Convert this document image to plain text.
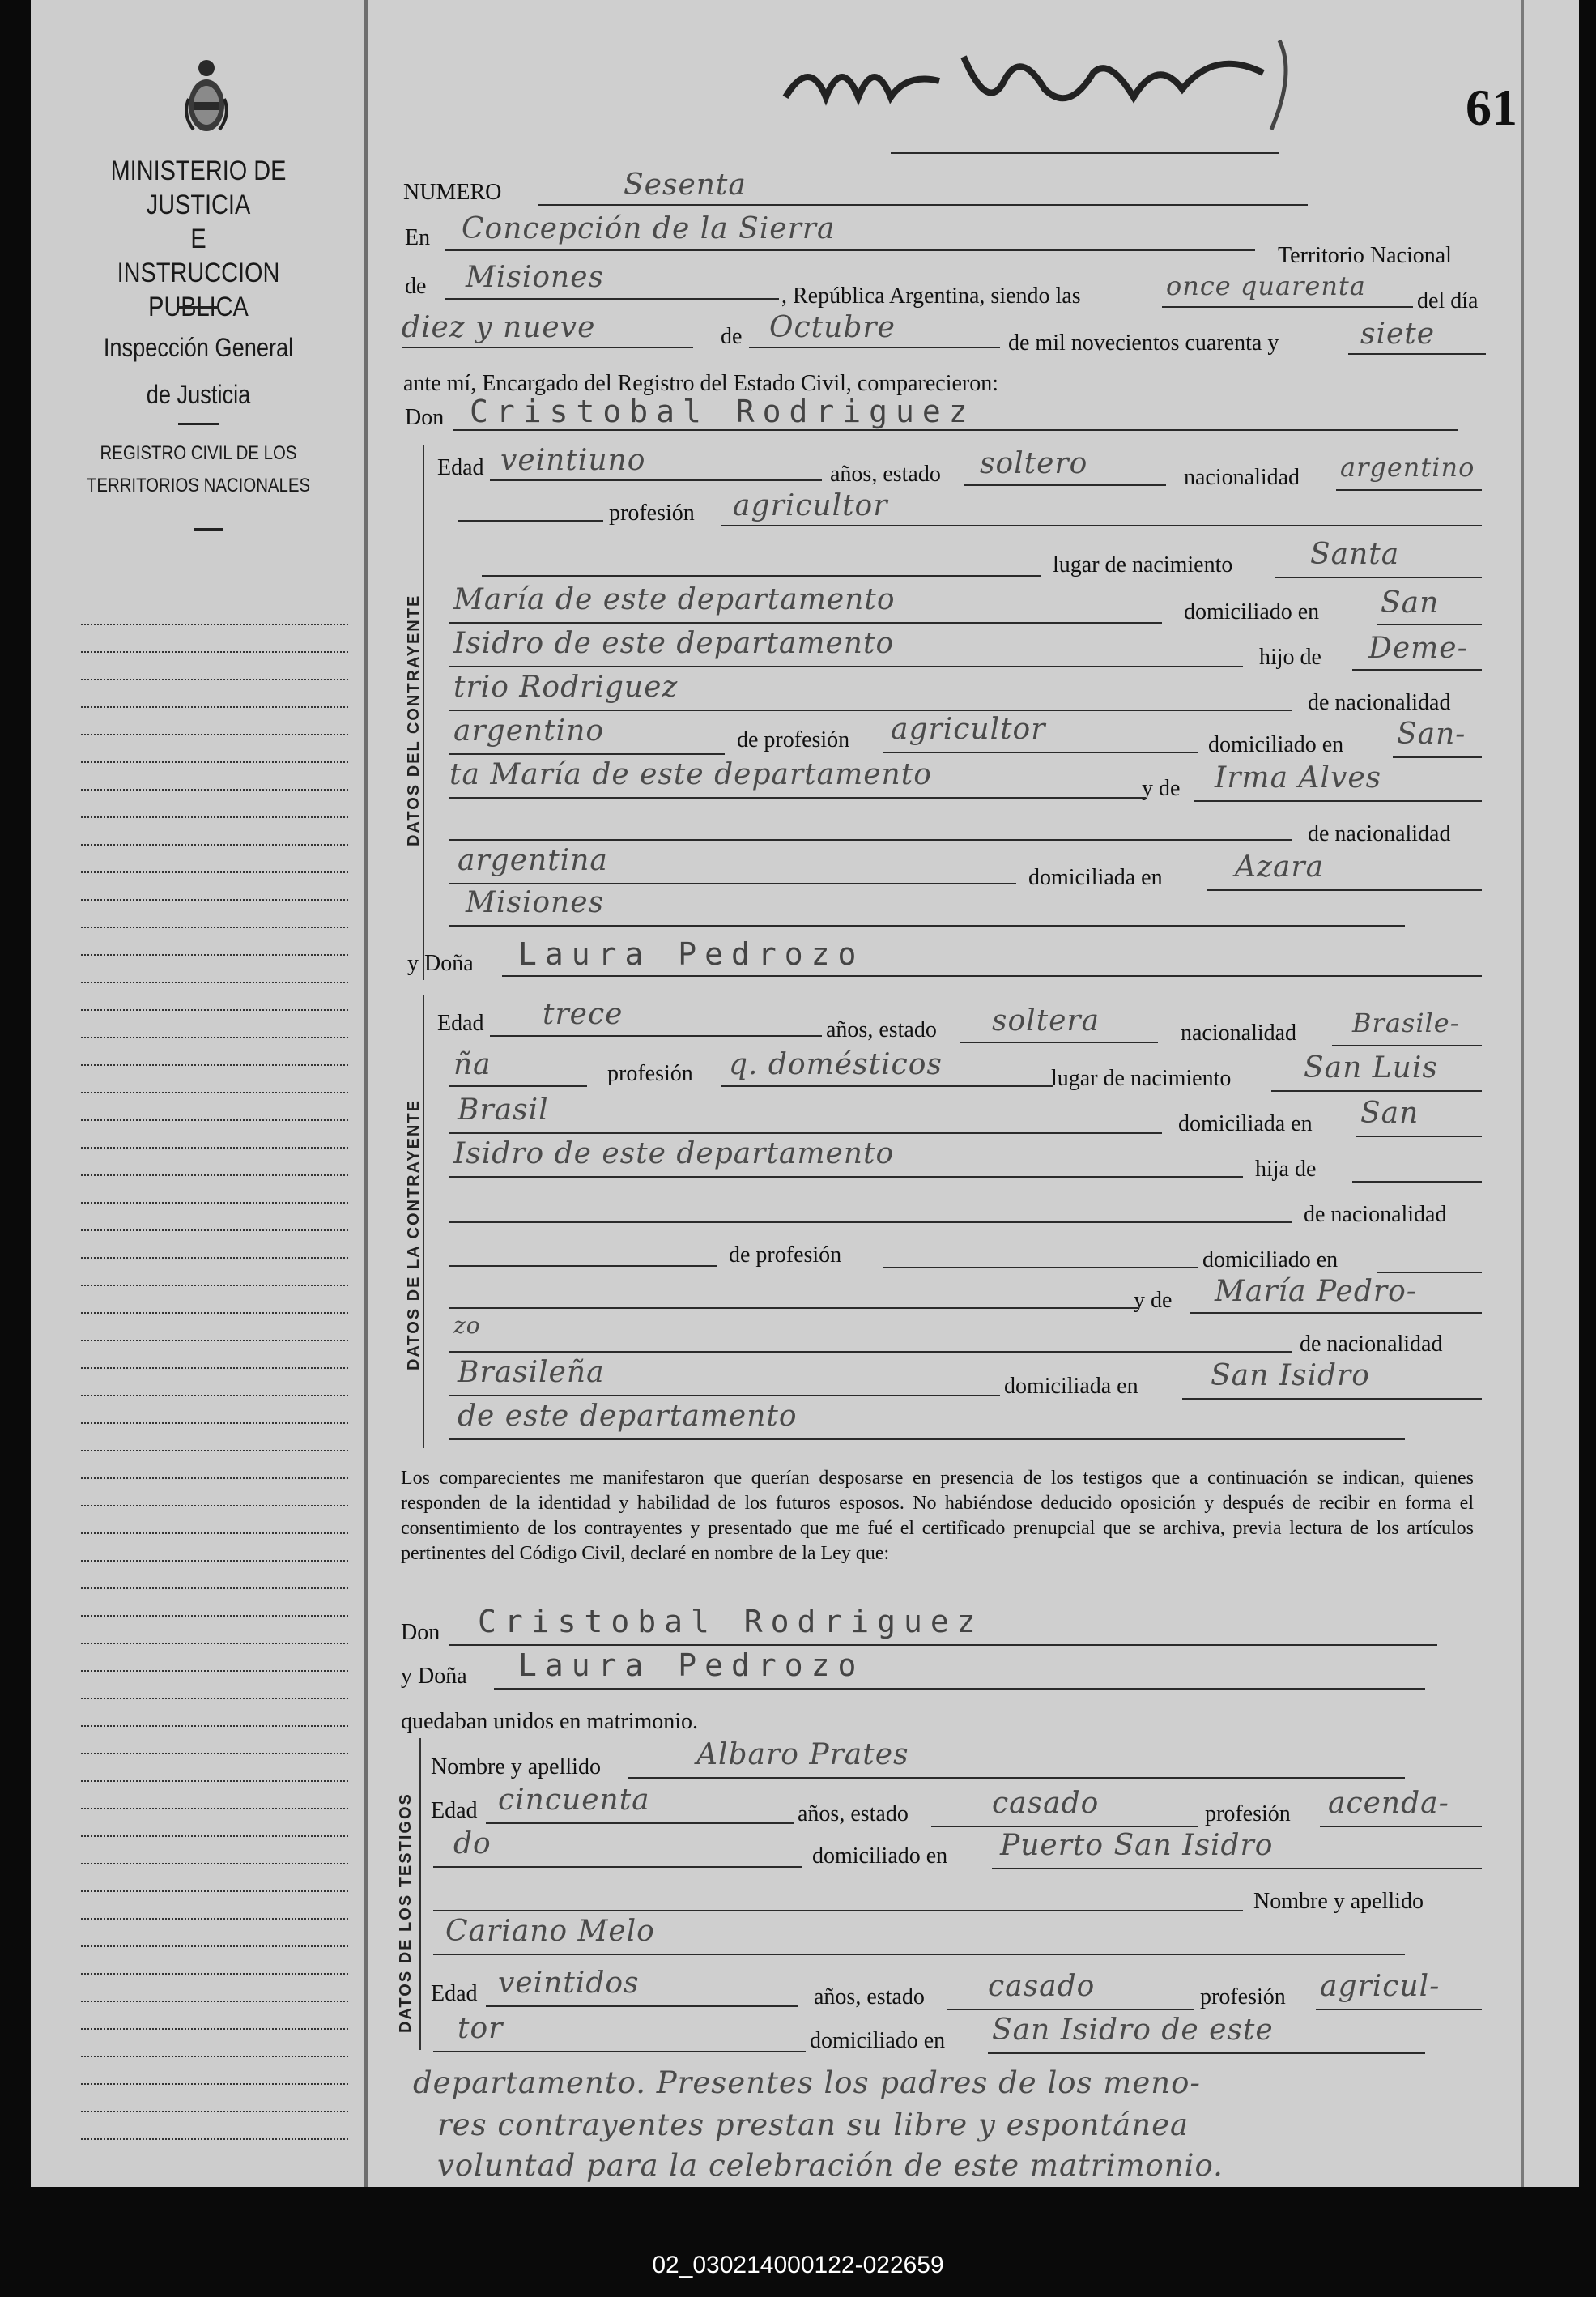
MINISTERIO DE JUSTICIA
E
INSTRUCCION PUBLICA
Inspección General
de Justicia
REGISTRO CIVIL DE LOS
TERRITORIOS NACIONALES
61
NUMERO	Sesenta
En Concepción de la Sierra
Territorio Nacional
de Misiones
, República Argentina, siendo las	once quarenta del día
diez y nueve	de Octubre	de mil novecientos cuarenta y	siete
ante mí, Encargado del Registro del Estado Civil, comparecieron:
Don Cristobal Rodriguez
DATOS DEL CONTRAYENTE
Edad veintiuno	años, estado soltero	nacionalidad argentino
profesión agricultor
lugar de nacimiento	Santa
María de este departamento	domiciliado en San
Isidro de este departamento	hijo de Deme-
trio Rodriguez	de nacionalidad
argentino	de profesión agricultor	domiciliado en San-
ta María de este departamento	y de Irma Alves
de nacionalidad
argentina
domiciliada en Azara
Misiones
y Doña Laura Pedrozo
DATOS DE LA CONTRAYENTE
Edad trece	años, estado soltera	nacionalidad Brasile-
ña	profesión q. domésticos	lugar de nacimiento San Luis
Brasil	domiciliada en San
Isidro de este departamento	hija de
de nacionalidad
de profesión	domiciliado en
y de María Pedro-
zo
de nacionalidad
Brasileña	domiciliada en San Isidro
de este departamento
Los comparecientes me manifestaron que querían desposarse en presencia de los testigos que a continuación se indican, quienes responden de la identidad y habilidad de los futuros esposos. No habiéndose deducido oposición y después de recibir en forma el consentimiento de los contrayentes y presentado que me fué el certificado prenupcial que se archiva, previa lectura de los artículos pertinentes del Código Civil, declaré en nombre de la Ley que:
Don Cristobal Rodriguez
y Doña Laura Pedrozo
quedaban unidos en matrimonio.
DATOS DE LOS TESTIGOS
Nombre y apellido	Albaro Prates
Edad cincuenta	años, estado	casado	profesión acenda-
do	domiciliado en Puerto San Isidro
Nombre y apellido
Cariano Melo
Edad veintidos	años, estado casado	profesión agricul-
tor	domiciliado en San Isidro de este
departamento. Presentes los padres de los meno-
res contrayentes prestan su libre y espontánea
voluntad para la celebración de este matrimonio.
02_030214000122-022659
